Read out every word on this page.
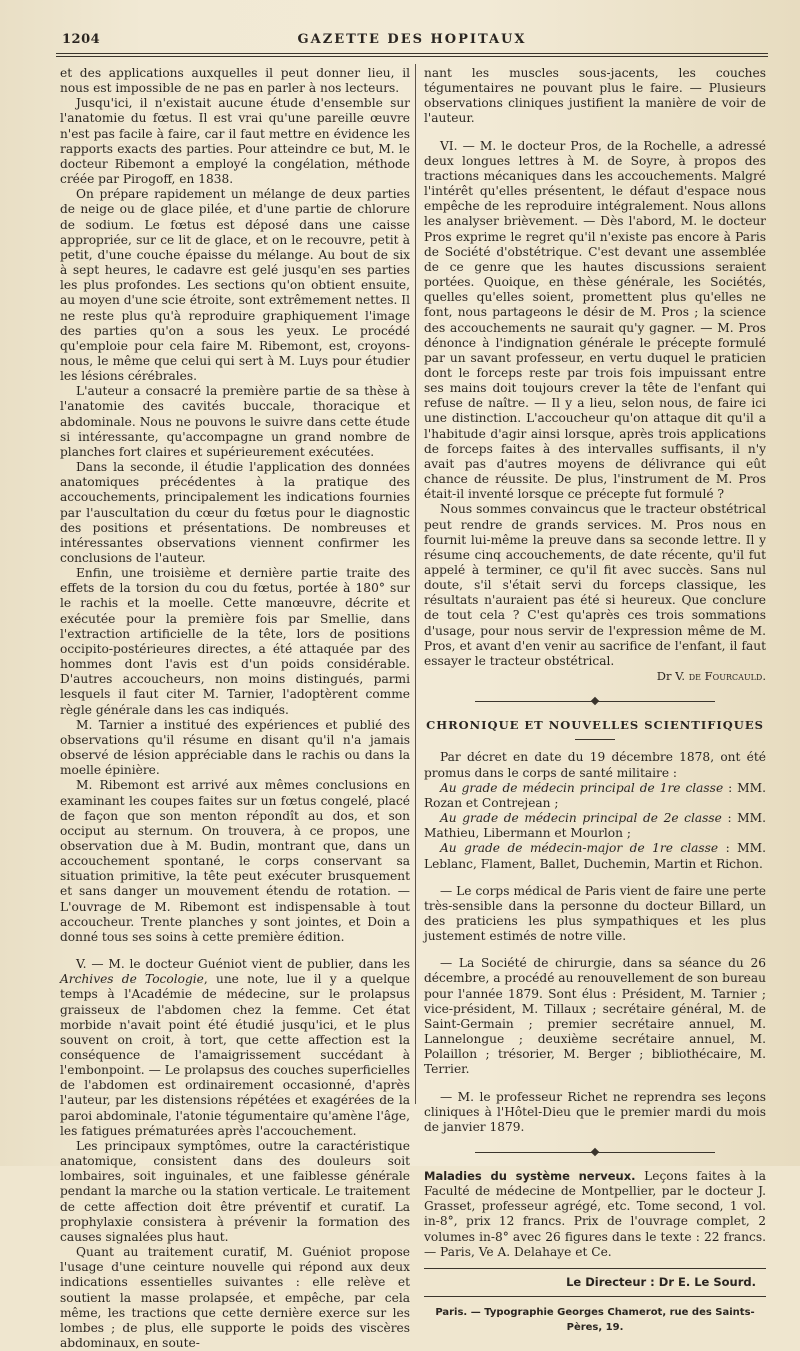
1204	GAZETTE DES HOPITAUX

et des applications auxquelles il peut donner lieu, il nous est impossible de ne pas en parler à nos lecteurs.

Jusqu'ici, il n'existait aucune étude d'ensemble sur l'anatomie du fœtus. Il est vrai qu'une pareille œuvre n'est pas facile à faire, car il faut mettre en évidence les rapports exacts des parties. Pour atteindre ce but, M. le docteur Ribemont a employé la congélation, méthode créée par Pirogoff, en 1838.

On prépare rapidement un mélange de deux parties de neige ou de glace pilée, et d'une partie de chlorure de sodium. Le fœtus est déposé dans une caisse appropriée, sur ce lit de glace, et on le recouvre, petit à petit, d'une couche épaisse du mélange. Au bout de six à sept heures, le cadavre est gelé jusqu'en ses parties les plus profondes. Les sections qu'on obtient ensuite, au moyen d'une scie étroite, sont extrêmement nettes. Il ne reste plus qu'à reproduire graphiquement l'image des parties qu'on a sous les yeux. Le procédé qu'emploie pour cela faire M. Ribemont, est, croyons-nous, le même que celui qui sert à M. Luys pour étudier les lésions cérébrales.

L'auteur a consacré la première partie de sa thèse à l'anatomie des cavités buccale, thoracique et abdominale. Nous ne pouvons le suivre dans cette étude si intéressante, qu'accompagne un grand nombre de planches fort claires et supérieurement exécutées.

Dans la seconde, il étudie l'application des données anatomiques précédentes à la pratique des accouchements, principalement les indications fournies par l'auscultation du cœur du fœtus pour le diagnostic des positions et présentations. De nombreuses et intéressantes observations viennent confirmer les conclusions de l'auteur.

Enfin, une troisième et dernière partie traite des effets de la torsion du cou du fœtus, portée à 180° sur le rachis et la moelle. Cette manœuvre, décrite et exécutée pour la première fois par Smellie, dans l'extraction artificielle de la tête, lors de positions occipito-postérieures directes, a été attaquée par des hommes dont l'avis est d'un poids considérable. D'autres accoucheurs, non moins distingués, parmi lesquels il faut citer M. Tarnier, l'adoptèrent comme règle générale dans les cas indiqués.

M. Tarnier a institué des expériences et publié des observations qu'il résume en disant qu'il n'a jamais observé de lésion appréciable dans le rachis ou dans la moelle épinière.

M. Ribemont est arrivé aux mêmes conclusions en examinant les coupes faites sur un fœtus congelé, placé de façon que son menton répondît au dos, et son occiput au sternum. On trouvera, à ce propos, une observation due à M. Budin, montrant que, dans un accouchement spontané, le corps conservant sa situation primitive, la tête peut exécuter brusquement et sans danger un mouvement étendu de rotation. — L'ouvrage de M. Ribemont est indispensable à tout accoucheur. Trente planches y sont jointes, et Doin a donné tous ses soins à cette première édition.

V. — M. le docteur Guéniot vient de publier, dans les Archives de Tocologie, une note, lue il y a quelque temps à l'Académie de médecine, sur le prolapsus graisseux de l'abdomen chez la femme. Cet état morbide n'avait point été étudié jusqu'ici, et le plus souvent on croit, à tort, que cette affection est la conséquence de l'amaigrissement succédant à l'embonpoint. — Le prolapsus des couches superficielles de l'abdomen est ordinairement occasionné, d'après l'auteur, par les distensions répétées et exagérées de la paroi abdominale, l'atonie tégumentaire qu'amène l'âge, les fatigues prématurées après l'accouchement.

Les principaux symptômes, outre la caractéristique anatomique, consistent dans des douleurs soit lombaires, soit inguinales, et une faiblesse générale pendant la marche ou la station verticale. Le traitement de cette affection doit être préventif et curatif. La prophylaxie consistera à prévenir la formation des causes signalées plus haut.

Quant au traitement curatif, M. Guéniot propose l'usage d'une ceinture nouvelle qui répond aux deux indications essentielles suivantes : elle relève et soutient la masse prolapsée, et empêche, par cela même, les tractions que cette dernière exerce sur les lombes ; de plus, elle supporte le poids des viscères abdominaux, en soute-

nant les muscles sous-jacents, les couches tégumentaires ne pouvant plus le faire. — Plusieurs observations cliniques justifient la manière de voir de l'auteur.

VI. — M. le docteur Pros, de la Rochelle, a adressé deux longues lettres à M. de Soyre, à propos des tractions mécaniques dans les accouchements. Malgré l'intérêt qu'elles présentent, le défaut d'espace nous empêche de les reproduire intégralement. Nous allons les analyser brièvement. — Dès l'abord, M. le docteur Pros exprime le regret qu'il n'existe pas encore à Paris de Société d'obstétrique. C'est devant une assemblée de ce genre que les hautes discussions seraient portées. Quoique, en thèse générale, les Sociétés, quelles qu'elles soient, promettent plus qu'elles ne font, nous partageons le désir de M. Pros ; la science des accouchements ne saurait qu'y gagner. — M. Pros dénonce à l'indignation générale le précepte formulé par un savant professeur, en vertu duquel le praticien dont le forceps reste par trois fois impuissant entre ses mains doit toujours crever la tête de l'enfant qui refuse de naître. — Il y a lieu, selon nous, de faire ici une distinction. L'accoucheur qu'on attaque dit qu'il a l'habitude d'agir ainsi lorsque, après trois applications de forceps faites à des intervalles suffisants, il n'y avait pas d'autres moyens de délivrance qui eût chance de réussite. De plus, l'instrument de M. Pros était-il inventé lorsque ce précepte fut formulé ?

Nous sommes convaincus que le tracteur obstétrical peut rendre de grands services. M. Pros nous en fournit lui-même la preuve dans sa seconde lettre. Il y résume cinq accouchements, de date récente, qu'il fut appelé à terminer, ce qu'il fit avec succès. Sans nul doute, s'il s'était servi du forceps classique, les résultats n'auraient pas été si heureux. Que conclure de tout cela ? C'est qu'après ces trois sommations d'usage, pour nous servir de l'expression même de M. Pros, et avant d'en venir au sacrifice de l'enfant, il faut essayer le tracteur obstétrical.

Dr V. de Fourcauld.

CHRONIQUE ET NOUVELLES SCIENTIFIQUES

Par décret en date du 19 décembre 1878, ont été promus dans le corps de santé militaire :

Au grade de médecin principal de 1re classe : MM. Rozan et Contrejean ;

Au grade de médecin principal de 2e classe : MM. Mathieu, Libermann et Mourlon ;

Au grade de médecin-major de 1re classe : MM. Leblanc, Flament, Ballet, Duchemin, Martin et Richon.

— Le corps médical de Paris vient de faire une perte très-sensible dans la personne du docteur Billard, un des praticiens les plus sympathiques et les plus justement estimés de notre ville.

— La Société de chirurgie, dans sa séance du 26 décembre, a procédé au renouvellement de son bureau pour l'année 1879. Sont élus : Président, M. Tarnier ; vice-président, M. Tillaux ; secrétaire général, M. de Saint-Germain ; premier secrétaire annuel, M. Lannelongue ; deuxième secrétaire annuel, M. Polaillon ; trésorier, M. Berger ; bibliothécaire, M. Terrier.

— M. le professeur Richet ne reprendra ses leçons cliniques à l'Hôtel-Dieu que le premier mardi du mois de janvier 1879.

Maladies du système nerveux. Leçons faites à la Faculté de médecine de Montpellier, par le docteur J. Grasset, professeur agrégé, etc. Tome second, 1 vol. in-8°, prix 12 francs. Prix de l'ouvrage complet, 2 volumes in-8° avec 26 figures dans le texte : 22 francs. — Paris, Ve A. Delahaye et Ce.

Le Directeur : Dr E. Le Sourd.
Paris. — Typographie Georges Chamerot, rue des Saints-Pères, 19.
